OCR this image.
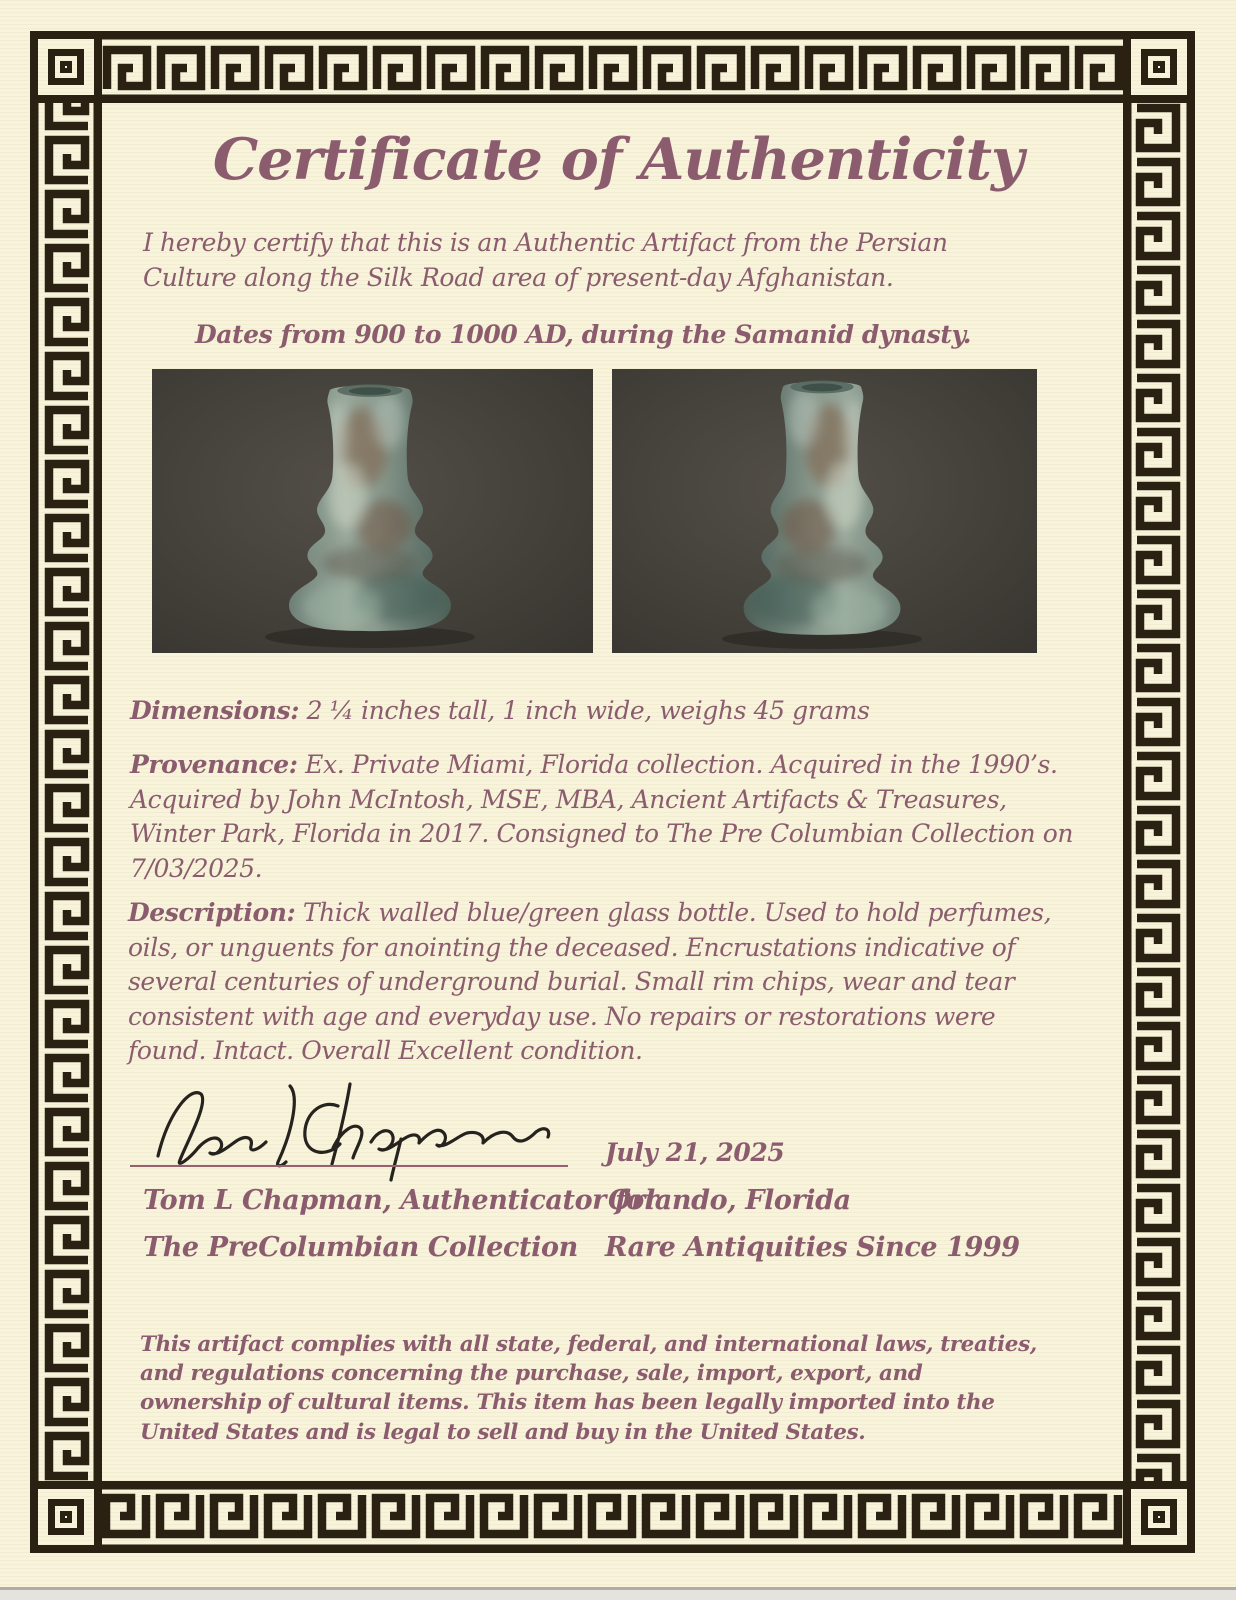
Certificate of Authenticity

I hereby certify that this is an Authentic Artifact from the Persian Culture along the Silk Road area of present-day Afghanistan.

Dates from 900 to 1000 AD, during the Samanid dynasty.

Dimensions: 2 ¼ inches tall, 1 inch wide, weighs 45 grams

Provenance: Ex. Private Miami, Florida collection. Acquired in the 1990’s. Acquired by John McIntosh, MSE, MBA, Ancient Artifacts & Treasures, Winter Park, Florida in 2017. Consigned to The Pre Columbian Collection on 7/03/2025.

Description: Thick walled blue/green glass bottle. Used to hold perfumes, oils, or unguents for anointing the deceased. Encrustations indicative of several centuries of underground burial. Small rim chips, wear and tear consistent with age and everyday use. No repairs or restorations were found. Intact. Overall Excellent condition.

July 21, 2025

Tom L Chapman, Authenticator for

Orlando, Florida

The PreColumbian Collection Rare Antiquities Since 1999

This artifact complies with all state, federal, and international laws, treaties, and regulations concerning the purchase, sale, import, export, and ownership of cultural items. This item has been legally imported into the United States and is legal to sell and buy in the United States.
